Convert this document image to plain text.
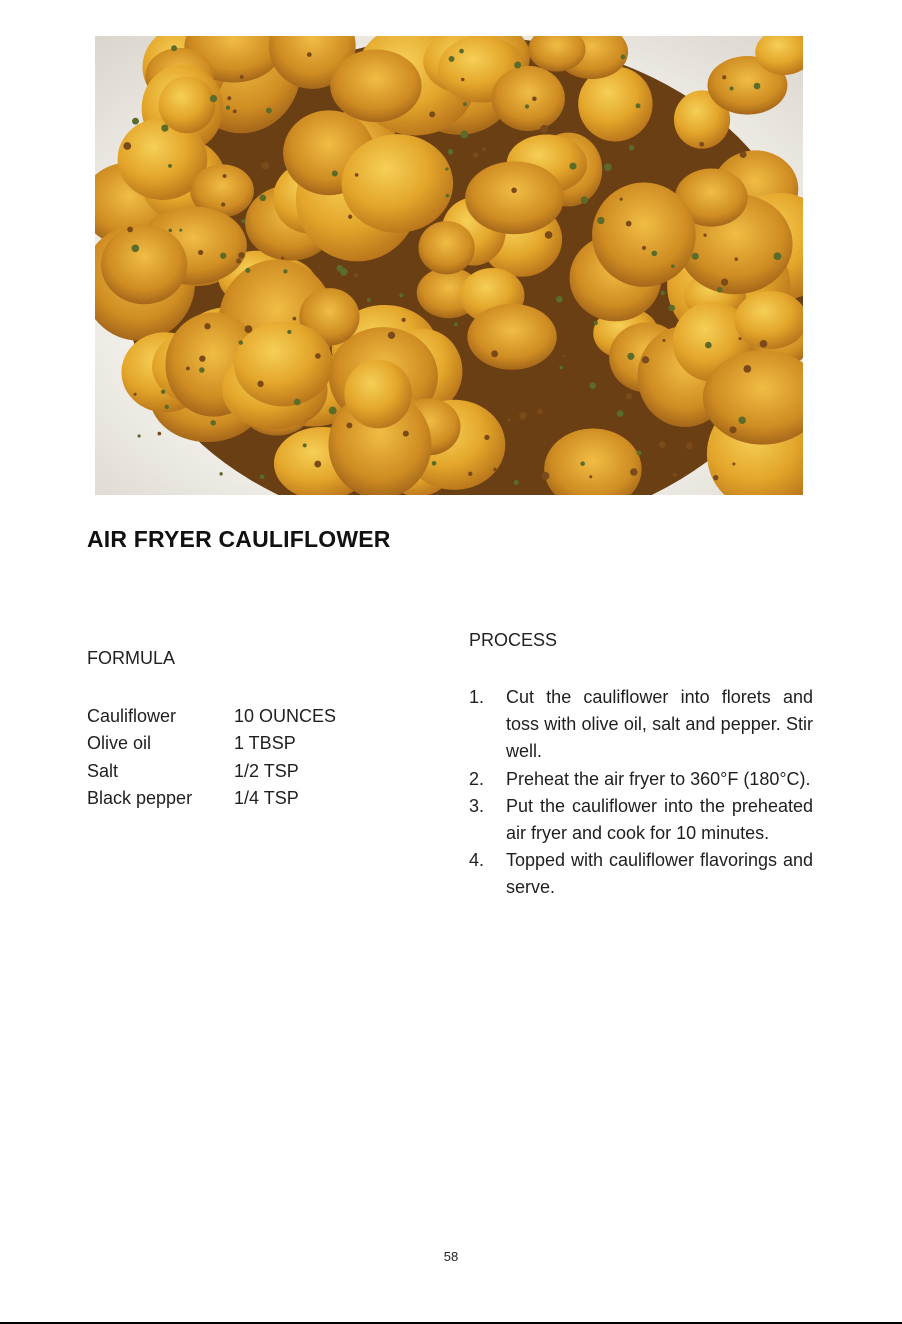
AIR FRYER CAULIFLOWER
FORMULA
Cauliflower	10 OUNCES
Olive oil	1 TBSP
Salt	1/2 TSP
Black pepper	1/4 TSP
PROCESS
1.	Cut the cauliflower into florets and toss with olive oil, salt and pepper. Stir well.
2.	Preheat the air fryer to 360°F (180°C).
3.	Put the cauliflower into the preheated air fryer and cook for 10 minutes.
4.	Topped with cauliflower flavorings and serve.
58
